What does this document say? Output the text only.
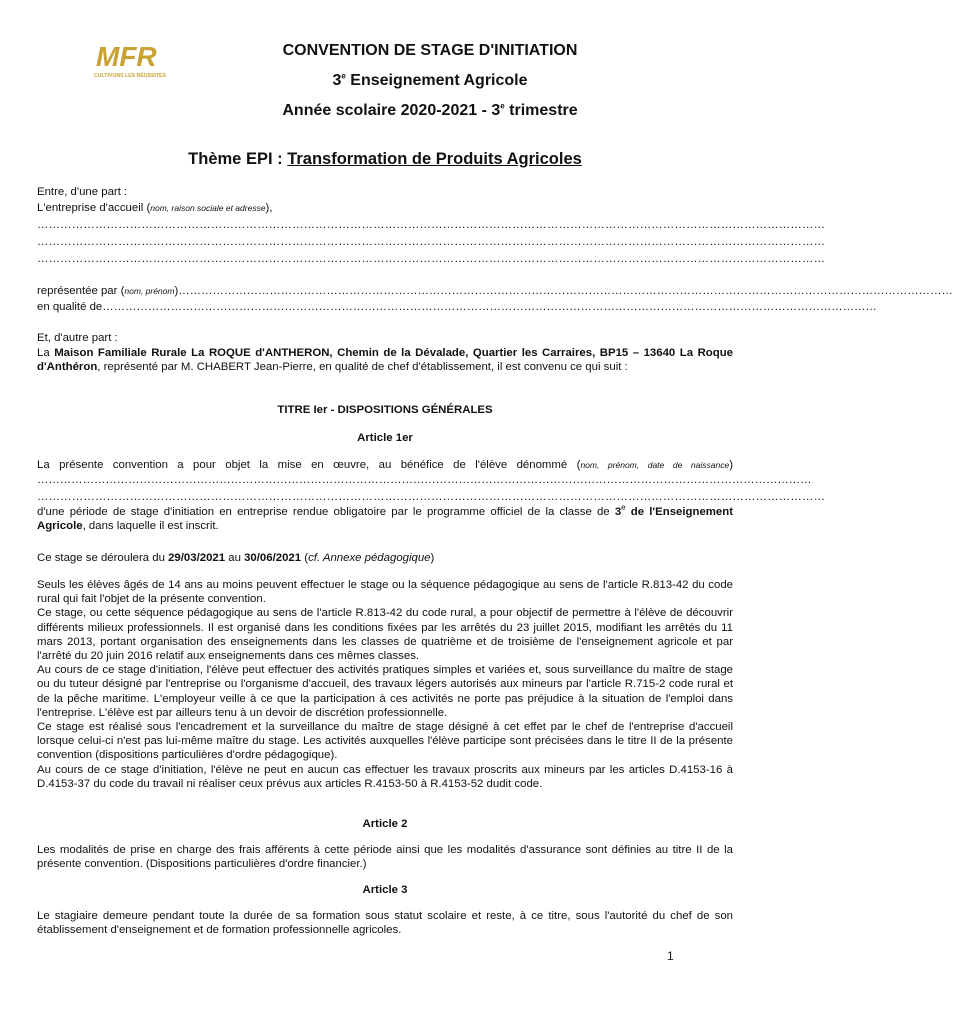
MFR
CULTIVONS LES RÉUSSITES
CONVENTION DE STAGE D'INITIATION
3e Enseignement Agricole
Année scolaire 2020-2021 - 3e trimestre
Thème EPI : Transformation de Produits Agricoles
Entre, d'une part :
L'entreprise d'accueil (nom, raison sociale et adresse),
……………………………………………………………………………………………………………………………………………………………………………………
……………………………………………………………………………………………………………………………………………………………………………………
……………………………………………………………………………………………………………………………………………………………………………………
représentée par (nom, prénom)……………………………………………………………………………………………………………………………………………………………………………………
en qualité de……………………………………………………………………………………………………………………………………………………………………………………
Et, d'autre part :
La Maison Familiale Rurale La ROQUE d'ANTHERON, Chemin de la Dévalade, Quartier les Carraires, BP15 – 13640 La Roque d'Anthéron, représenté par M. CHABERT Jean-Pierre, en qualité de chef d'établissement, il est convenu ce qui suit :
TITRE Ier - DISPOSITIONS GÉNÉRALES
Article 1er
La présente convention a pour objet la mise en œuvre, au bénéfice de l'élève dénommé (nom, prénom, date de naissance)……………………………………………………………………………………………………………………………………………………………………………………
……………………………………………………………………………………………………………………………………………………………………………………
d'une période de stage d'initiation en entreprise rendue obligatoire par le programme officiel de la classe de 3e de l'Enseignement Agricole, dans laquelle il est inscrit.
Ce stage se déroulera du 29/03/2021 au 30/06/2021 (cf. Annexe pédagogique)
Seuls les élèves âgés de 14 ans au moins peuvent effectuer le stage ou la séquence pédagogique au sens de l'article R.813-42 du code rural qui fait l'objet de la présente convention.
Ce stage, ou cette séquence pédagogique au sens de l'article R.813-42 du code rural, a pour objectif de permettre à l'élève de découvrir différents milieux professionnels. Il est organisé dans les conditions fixées par les arrêtés du 23 juillet 2015, modifiant les arrêtés du 11 mars 2013, portant organisation des enseignements dans les classes de quatrième et de troisième de l'enseignement agricole et par l'arrêté du 20 juin 2016 relatif aux enseignements dans ces mêmes classes.
Au cours de ce stage d'initiation, l'élève peut effectuer des activités pratiques simples et variées et, sous surveillance du maître de stage ou du tuteur désigné par l'entreprise ou l'organisme d'accueil, des travaux légers autorisés aux mineurs par l'article R.715-2 code rural et de la pêche maritime. L'employeur veille à ce que la participation à ces activités ne porte pas préjudice à la situation de l'emploi dans l'entreprise. L'élève est par ailleurs tenu à un devoir de discrétion professionnelle.
Ce stage est réalisé sous l'encadrement et la surveillance du maître de stage désigné à cet effet par le chef de l'entreprise d'accueil lorsque celui-ci n'est pas lui-même maître du stage. Les activités auxquelles l'élève participe sont précisées dans le titre II de la présente convention (dispositions particulières d'ordre pédagogique).
Au cours de ce stage d'initiation, l'élève ne peut en aucun cas effectuer les travaux proscrits aux mineurs par les articles D.4153-16 à D.4153-37 du code du travail ni réaliser ceux prévus aux articles R.4153-50 à R.4153-52 dudit code.
Article 2
Les modalités de prise en charge des frais afférents à cette période ainsi que les modalités d'assurance sont définies au titre II de la présente convention. (Dispositions particulières d'ordre financier.)
Article 3
Le stagiaire demeure pendant toute la durée de sa formation sous statut scolaire et reste, à ce titre, sous l'autorité du chef de son établissement d'enseignement et de formation professionnelle agricoles.
1
